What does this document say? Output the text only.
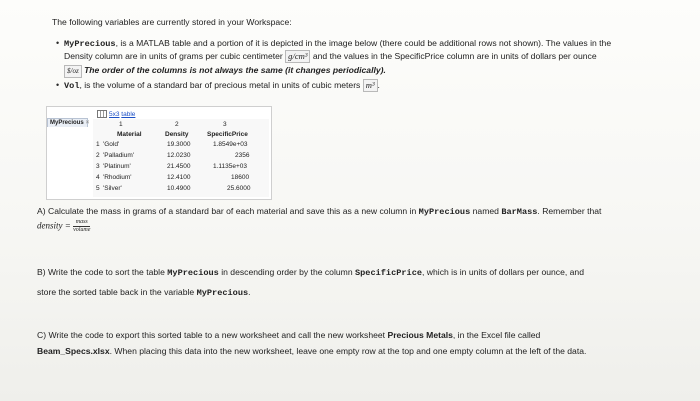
The following variables are currently stored in your Workspace:
• MyPrecious, is a MATLAB table and a portion of it is depicted in the image below (there could be additional rows not shown). The values in the
Density column are in units of grams per cubic centimeter g/cm³ and the values in the SpecificPrice column are in units of dollars per ounce
$/oz The order of the columns is not always the same (it changes periodically).
• Vol, is the volume of a standard bar of precious metal in units of cubic meters m³ .
5x3 table
MyPrecious ×	1	2	3
Material	Density	SpecificPrice
1 'Gold'	19.3000	1.8549e+03
2 'Palladium'	12.0230	2356
3 'Platinum'	21.4500	1.1135e+03
4 'Rhodium'	12.4100	18600
5 'Silver'	10.4900	25.6000
A) Calculate the mass in grams of a standard bar of each material and save this as a new column in MyPrecious named BarMass. Remember that
density = mass
volume
B) Write the code to sort the table MyPrecious in descending order by the column SpecificPrice, which is in units of dollars per ounce, and
store the sorted table back in the variable MyPrecious.
C) Write the code to export this sorted table to a new worksheet and call the new worksheet Precious Metals, in the Excel file called
Beam_Specs.xlsx. When placing this data into the new worksheet, leave one empty row at the top and one empty column at the left of the data.
